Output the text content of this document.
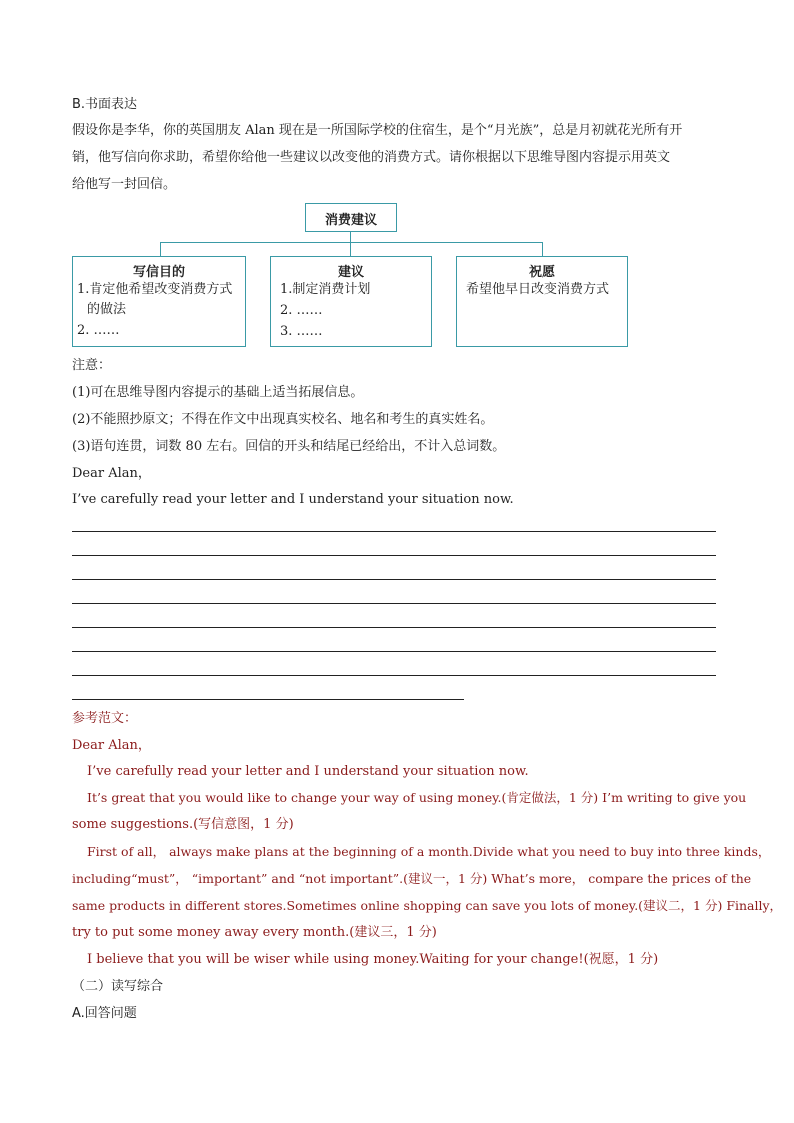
B.书面表达
假设你是李华，你的英国朋友 Alan 现在是一所国际学校的住宿生，是个“月光族”，总是月初就花光所有开
销，他写信向你求助，希望你给他一些建议以改变他的消费方式。请你根据以下思维导图内容提示用英文
给他写一封回信。
消费建议
写信目的
1.肯定他希望改变消费方式
的做法
2. ……
建议
1.制定消费计划
2. ……
3. ……
祝愿
希望他早日改变消费方式
注意：
(1)可在思维导图内容提示的基础上适当拓展信息。
(2)不能照抄原文；不得在作文中出现真实校名、地名和考生的真实姓名。
(3)语句连贯，词数 80 左右。回信的开头和结尾已经给出，不计入总词数。
Dear Alan，
I’ve carefully read your letter and I understand your situation now.
参考范文：
Dear Alan，
I’ve carefully read your letter and I understand your situation now.
It’s great that you would like to change your way of using money.(肯定做法，1 分) I’m writing to give you
some suggestions.(写信意图，1 分)
First of all， always make plans at the beginning of a month.Divide what you need to buy into three kinds，
including“must”， “important” and “not important”.(建议一，1 分) What’s more， compare the prices of the
same products in different stores.Sometimes online shopping can save you lots of money.(建议二，1 分) Finally，
try to put some money away every month.(建议三，1 分)
I believe that you will be wiser while using money.Waiting for your change!(祝愿，1 分)
（二）读写综合
A.回答问题
